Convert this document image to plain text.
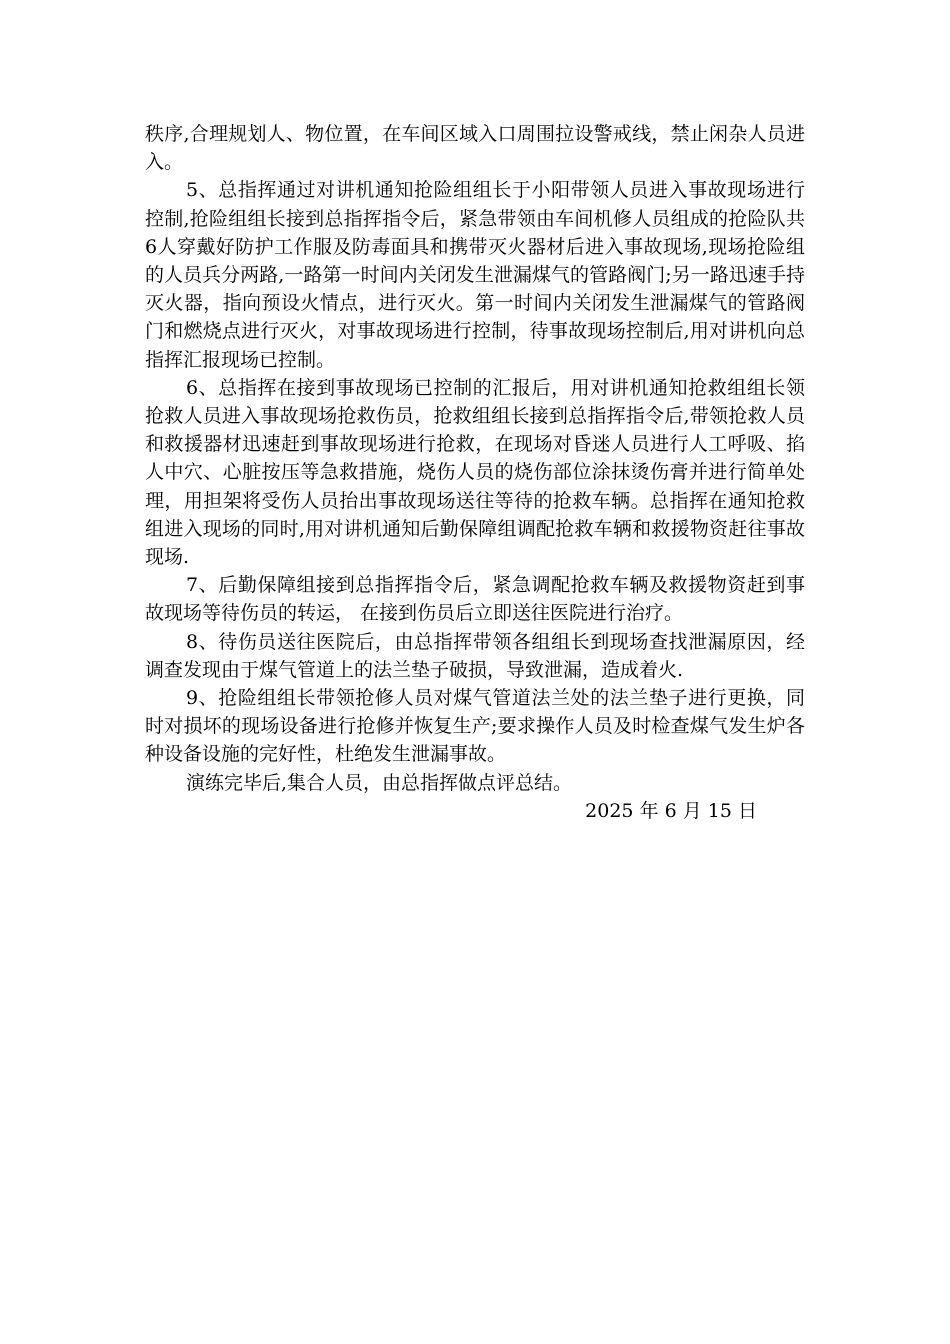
秩序,合理规划人、物位置，在车间区域入口周围拉设警戒线，禁止闲杂人员进入。

5、总指挥通过对讲机通知抢险组组长于小阳带领人员进入事故现场进行控制,抢险组组长接到总指挥指令后，紧急带领由车间机修人员组成的抢险队共6人穿戴好防护工作服及防毒面具和携带灭火器材后进入事故现场,现场抢险组的人员兵分两路,一路第一时间内关闭发生泄漏煤气的管路阀门;另一路迅速手持灭火器，指向预设火情点，进行灭火。第一时间内关闭发生泄漏煤气的管路阀门和燃烧点进行灭火，对事故现场进行控制，待事故现场控制后,用对讲机向总指挥汇报现场已控制。

6、总指挥在接到事故现场已控制的汇报后，用对讲机通知抢救组组长领抢救人员进入事故现场抢救伤员，抢救组组长接到总指挥指令后,带领抢救人员和救援器材迅速赶到事故现场进行抢救，在现场对昏迷人员进行人工呼吸、掐人中穴、心脏按压等急救措施，烧伤人员的烧伤部位涂抹烫伤膏并进行简单处理，用担架将受伤人员抬出事故现场送往等待的抢救车辆。总指挥在通知抢救组进入现场的同时,用对讲机通知后勤保障组调配抢救车辆和救援物资赶往事故现场.

7、后勤保障组接到总指挥指令后，紧急调配抢救车辆及救援物资赶到事故现场等待伤员的转运， 在接到伤员后立即送往医院进行治疗。

8、待伤员送往医院后，由总指挥带领各组组长到现场查找泄漏原因，经调查发现由于煤气管道上的法兰垫子破损，导致泄漏，造成着火.

9、抢险组组长带领抢修人员对煤气管道法兰处的法兰垫子进行更换，同时对损坏的现场设备进行抢修并恢复生产;要求操作人员及时检查煤气发生炉各种设备设施的完好性，杜绝发生泄漏事故。

演练完毕后,集合人员，由总指挥做点评总结。

2025 年 6 月 15 日
